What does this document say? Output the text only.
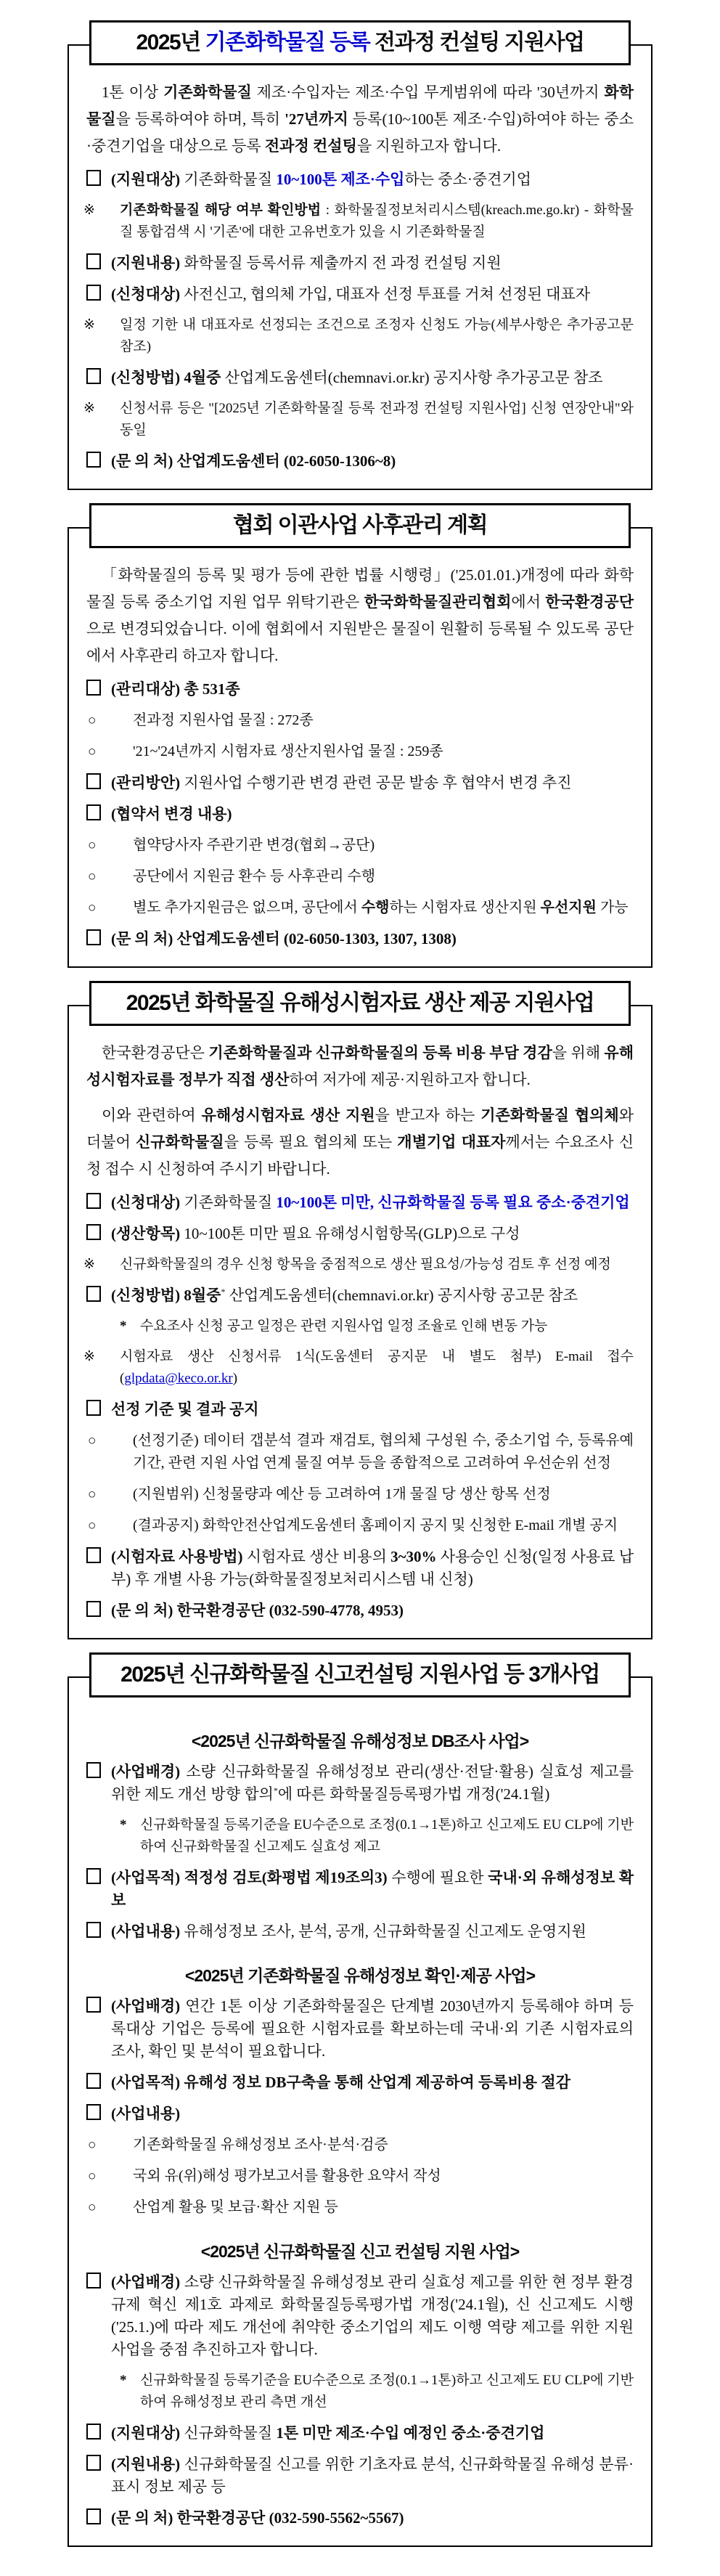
2025년 기존화학물질 등록 전과정 컨설팅 지원사업
1톤 이상 기존화학물질 제조·수입자는 제조·수입 무게범위에 따라 '30년까지 화학물질을 등록하여야 하며, 특히 '27년까지 등록(10~100톤 제조·수입)하여야 하는 중소·중견기업을 대상으로 등록 전과정 컨설팅을 지원하고자 합니다.
(지원대상) 기존화학물질 10~100톤 제조·수입하는 중소·중견기업
※ 기존화학물질 해당 여부 확인방법 : 화학물질정보처리시스템(kreach.me.go.kr) - 화학물질 통합검색 시 '기존'에 대한 고유번호가 있을 시 기존화학물질
(지원내용) 화학물질 등록서류 제출까지 전 과정 컨설팅 지원
(신청대상) 사전신고, 협의체 가입, 대표자 선정 투표를 거쳐 선정된 대표자
※ 일정 기한 내 대표자로 선정되는 조건으로 조정자 신청도 가능(세부사항은 추가공고문 참조)
(신청방법) 4월중 산업계도움센터(chemnavi.or.kr) 공지사항 추가공고문 참조
※ 신청서류 등은 "[2025년 기존화학물질 등록 전과정 컨설팅 지원사업] 신청 연장안내"와 동일
(문 의 처) 산업계도움센터 (02-6050-1306~8)
협회 이관사업 사후관리 계획
「화학물질의 등록 및 평가 등에 관한 법률 시행령」('25.01.01.)개정에 따라 화학물질 등록 중소기업 지원 업무 위탁기관은 한국화학물질관리협회에서 한국환경공단으로 변경되었습니다. 이에 협회에서 지원받은 물질이 원활히 등록될 수 있도록 공단에서 사후관리 하고자 합니다.
(관리대상) 총 531종
○	전과정 지원사업 물질 : 272종
○	'21~'24년까지 시험자료 생산지원사업 물질 : 259종
(관리방안) 지원사업 수행기관 변경 관련 공문 발송 후 협약서 변경 추진
(협약서 변경 내용)
○	협약당사자 주관기관 변경(협회→공단)
○	공단에서 지원금 환수 등 사후관리 수행
○	별도 추가지원금은 없으며, 공단에서 수행하는 시험자료 생산지원 우선지원 가능
(문 의 처) 산업계도움센터 (02-6050-1303, 1307, 1308)
2025년 화학물질 유해성시험자료 생산 제공 지원사업
한국환경공단은 기존화학물질과 신규화학물질의 등록 비용 부담 경감을 위해 유해성시험자료를 정부가 직접 생산하여 저가에 제공·지원하고자 합니다.
이와 관련하여 유해성시험자료 생산 지원을 받고자 하는 기존화학물질 협의체와 더불어 신규화학물질을 등록 필요 협의체 또는 개별기업 대표자께서는 수요조사 신청 접수 시 신청하여 주시기 바랍니다.
(신청대상) 기존화학물질 10~100톤 미만, 신규화학물질 등록 필요 중소·중견기업
(생산항목) 10~100톤 미만 필요 유해성시험항목(GLP)으로 구성
※ 신규화학물질의 경우 신청 항목을 중점적으로 생산 필요성/가능성 검토 후 선정 예정
(신청방법) 8월중* 산업계도움센터(chemnavi.or.kr) 공지사항 공고문 참조
* 수요조사 신청 공고 일정은 관련 지원사업 일정 조율로 인해 변동 가능
※ 시험자료 생산 신청서류 1식(도움센터 공지문 내 별도 첨부) E-mail 접수(glpdata@keco.or.kr)
선정 기준 및 결과 공지
○	(선정기준) 데이터 갭분석 결과 재검토, 협의체 구성원 수, 중소기업 수, 등록유예기간, 관련 지원 사업 연계 물질 여부 등을 종합적으로 고려하여 우선순위 선정
○	(지원범위) 신청물량과 예산 등 고려하여 1개 물질 당 생산 항목 선정
○	(결과공지) 화학안전산업계도움센터 홈페이지 공지 및 신청한 E-mail 개별 공지
(시험자료 사용방법) 시험자료 생산 비용의 3~30% 사용승인 신청(일정 사용료 납부) 후 개별 사용 가능(화학물질정보처리시스템 내 신청)
(문 의 처) 한국환경공단 (032-590-4778, 4953)
2025년 신규화학물질 신고컨설팅 지원사업 등 3개사업
<2025년 신규화학물질 유해성정보 DB조사 사업>
(사업배경) 소량 신규화학물질 유해성정보 관리(생산·전달·활용) 실효성 제고를 위한 제도 개선 방향 합의*에 따른 화학물질등록평가법 개정('24.1월)
* 신규화학물질 등록기준을 EU수준으로 조정(0.1→1톤)하고 신고제도 EU CLP에 기반하여 신규화학물질 신고제도 실효성 제고
(사업목적) 적정성 검토(화평법 제19조의3) 수행에 필요한 국내·외 유해성정보 확보
(사업내용) 유해성정보 조사, 분석, 공개, 신규화학물질 신고제도 운영지원
<2025년 기존화학물질 유해성정보 확인·제공 사업>
(사업배경) 연간 1톤 이상 기존화학물질은 단계별 2030년까지 등록해야 하며 등록대상 기업은 등록에 필요한 시험자료를 확보하는데 국내·외 기존 시험자료의 조사, 확인 및 분석이 필요합니다.
(사업목적) 유해성 정보 DB구축을 통해 산업계 제공하여 등록비용 절감
(사업내용)
○	기존화학물질 유해성정보 조사·분석·검증
○	국외 유(위)해성 평가보고서를 활용한 요약서 작성
○	산업계 활용 및 보급·확산 지원 등
<2025년 신규화학물질 신고 컨설팅 지원 사업>
(사업배경) 소량 신규화학물질 유해성정보 관리 실효성 제고를 위한 현 정부 환경규제 혁신 제1호 과제로 화학물질등록평가법 개정('24.1월), 신 신고제도 시행('25.1.)에 따라 제도 개선에 취약한 중소기업의 제도 이행 역량 제고를 위한 지원사업을 중점 추진하고자 합니다.
* 신규화학물질 등록기준을 EU수준으로 조정(0.1→1톤)하고 신고제도 EU CLP에 기반하여 유해성정보 관리 측면 개선
(지원대상) 신규화학물질 1톤 미만 제조·수입 예정인 중소·중견기업
(지원내용) 신규화학물질 신고를 위한 기초자료 분석, 신규화학물질 유해성 분류·표시 정보 제공 등
(문 의 처) 한국환경공단 (032-590-5562~5567)
